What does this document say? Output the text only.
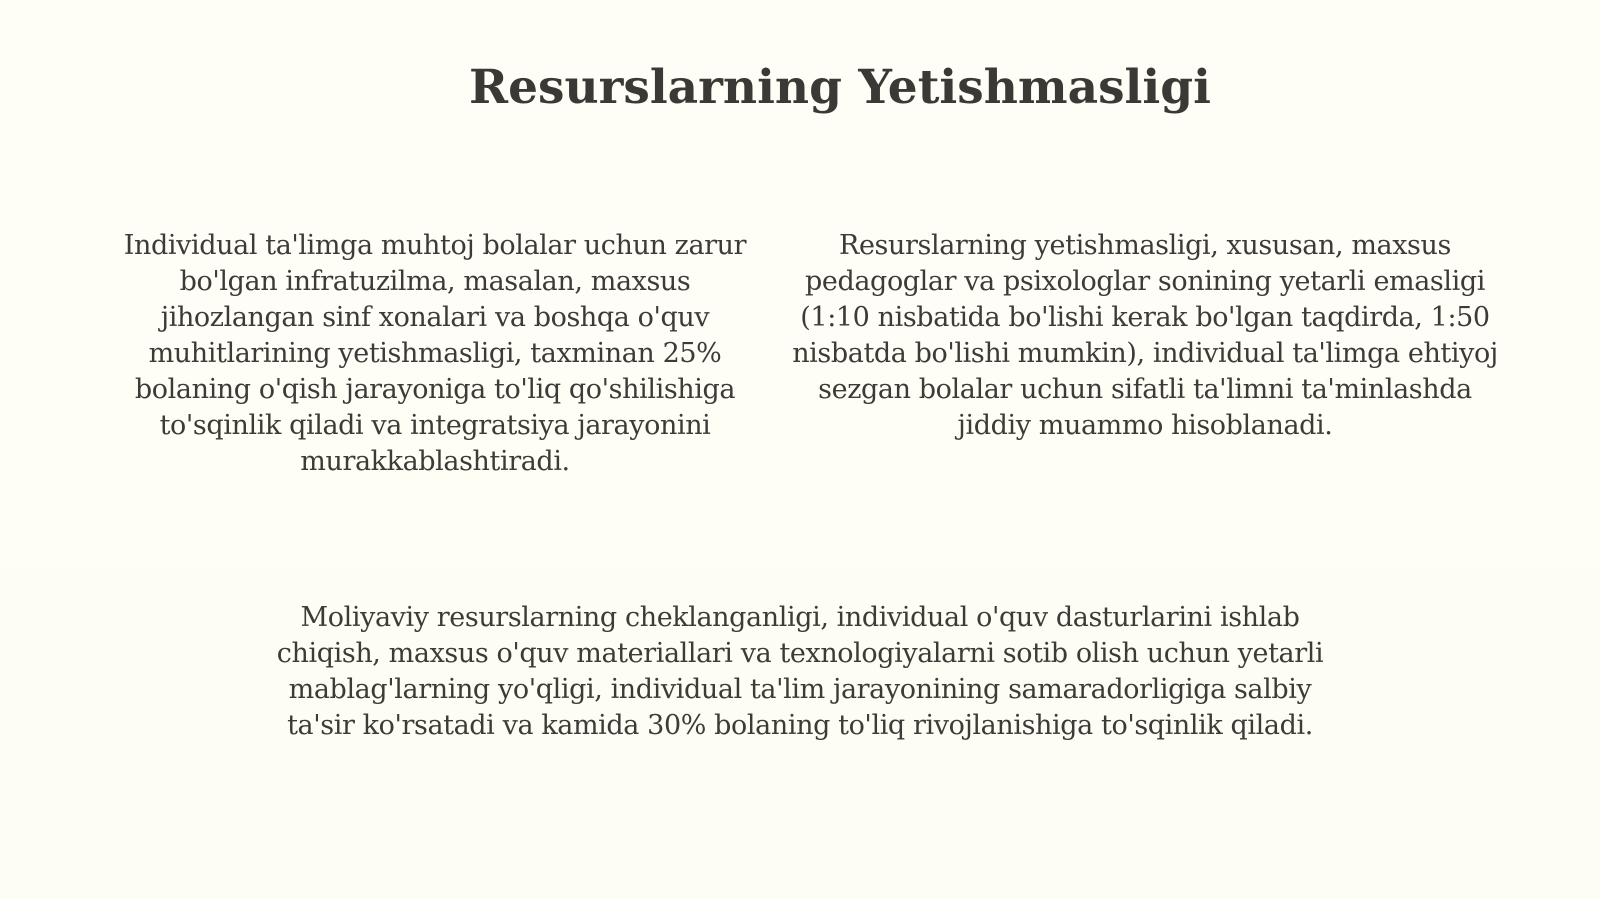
Resurslarning Yetishmasligi
Individual ta'limga muhtoj bolalar uchun zarur bo'lgan infratuzilma, masalan, maxsus jihozlangan sinf xonalari va boshqa o'quv muhitlarining yetishmasligi, taxminan 25% bolaning o'qish jarayoniga to'liq qo'shilishiga to'sqinlik qiladi va integratsiya jarayonini murakkablashtiradi.
Resurslarning yetishmasligi, xususan, maxsus pedagoglar va psixologlar sonining yetarli emasligi (1:10 nisbatida bo'lishi kerak bo'lgan taqdirda, 1:50 nisbatda bo'lishi mumkin), individual ta'limga ehtiyoj sezgan bolalar uchun sifatli ta'limni ta'minlashda jiddiy muammo hisoblanadi.
Moliyaviy resurslarning cheklanganligi, individual o'quv dasturlarini ishlab chiqish, maxsus o'quv materiallari va texnologiyalarni sotib olish uchun yetarli mablag'larning yo'qligi, individual ta'lim jarayonining samaradorligiga salbiy ta'sir ko'rsatadi va kamida 30% bolaning to'liq rivojlanishiga to'sqinlik qiladi.
